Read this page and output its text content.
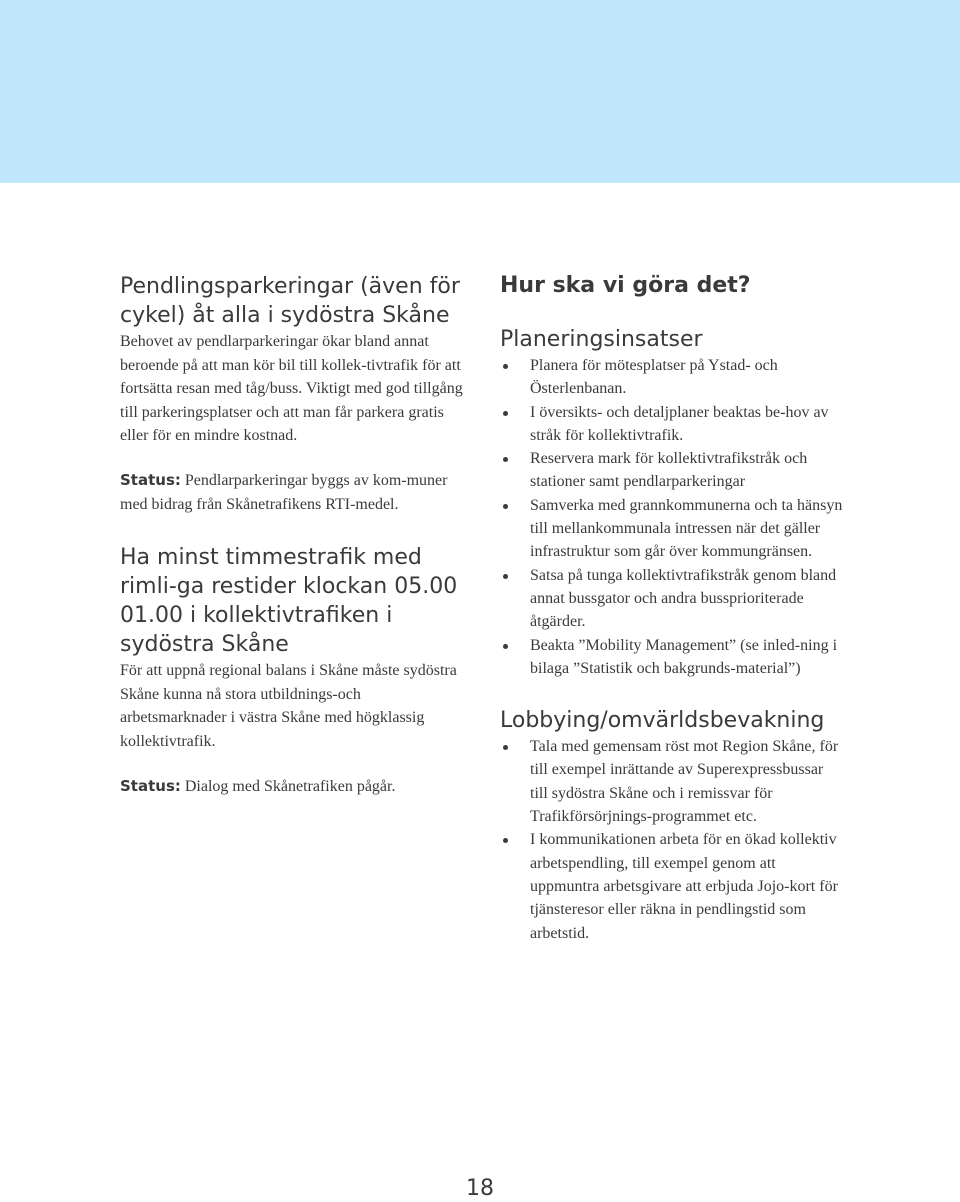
Pendlingsparkeringar (även för cykel) åt alla i sydöstra Skåne

Behovet av pendlarparkeringar ökar bland annat beroende på att man kör bil till kollek-tivtrafik för att fortsätta resan med tåg/buss. Viktigt med god tillgång till parkeringsplatser och att man får parkera gratis eller för en mindre kostnad.

Status: Pendlarparkeringar byggs av kom-muner med bidrag från Skånetrafikens RTI-medel.

Ha minst timmestrafik med rimli-ga restider klockan 05.00 01.00 i kollektivtrafiken i sydöstra Skåne

För att uppnå regional balans i Skåne måste sydöstra Skåne kunna nå stora utbildnings-och arbetsmarknader i västra Skåne med högklassig kollektivtrafik.

Status: Dialog med Skånetrafiken pågår.

Hur ska vi göra det?
Planeringsinsatser
Planera för mötesplatser på Ystad- och Österlenbanan.
I översikts- och detaljplaner beaktas be-hov av stråk för kollektivtrafik.
Reservera mark för kollektivtrafikstråk och stationer samt pendlarparkeringar
Samverka med grannkommunerna och ta hänsyn till mellankommunala intressen när det gäller infrastruktur som går över kommungränsen.
Satsa på tunga kollektivtrafikstråk genom bland annat bussgator och andra bussprioriterade åtgärder.
Beakta ”Mobility Management” (se inled-ning i bilaga ”Statistik och bakgrunds-material”)
Lobbying/omvärldsbevakning
Tala med gemensam röst mot Region Skåne, för till exempel inrättande av Superexpressbussar till sydöstra Skåne och i remissvar för Trafikförsörjnings-programmet etc.
I kommunikationen arbeta för en ökad kollektiv arbetspendling, till exempel genom att uppmuntra arbetsgivare att erbjuda Jojo-kort för tjänsteresor eller räkna in pendlingstid som arbetstid.
18
